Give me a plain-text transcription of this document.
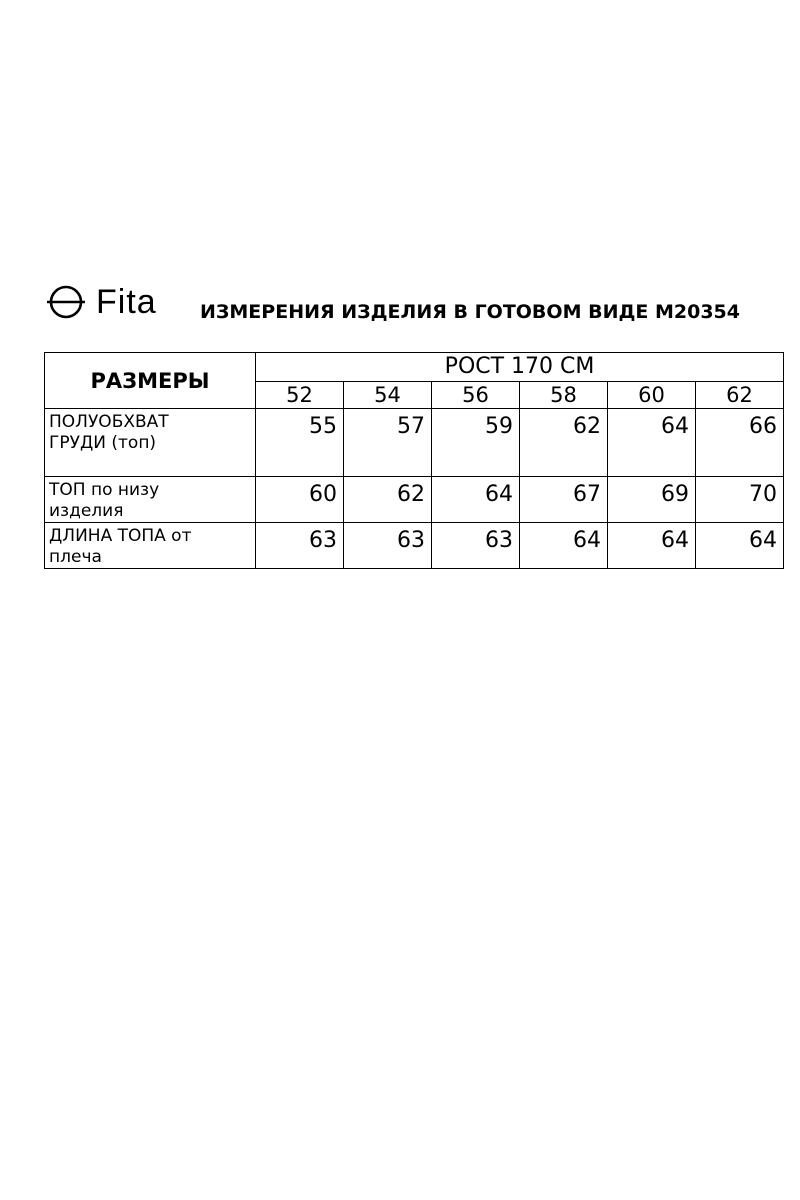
Fita ИЗМЕРЕНИЯ ИЗДЕЛИЯ В ГОТОВОМ ВИДЕ М20354
РАЗМЕРЫ	РОСТ 170 СМ					
	52	54	56	58	60	62

ПОЛУОБХВАТ
ГРУДИ (топ)	55	57	59	62	64	66

ТОП по низу
изделия	60	62	64	67	69	70

ДЛИНА ТОПА от
плеча	63	63	63	64	64	64
